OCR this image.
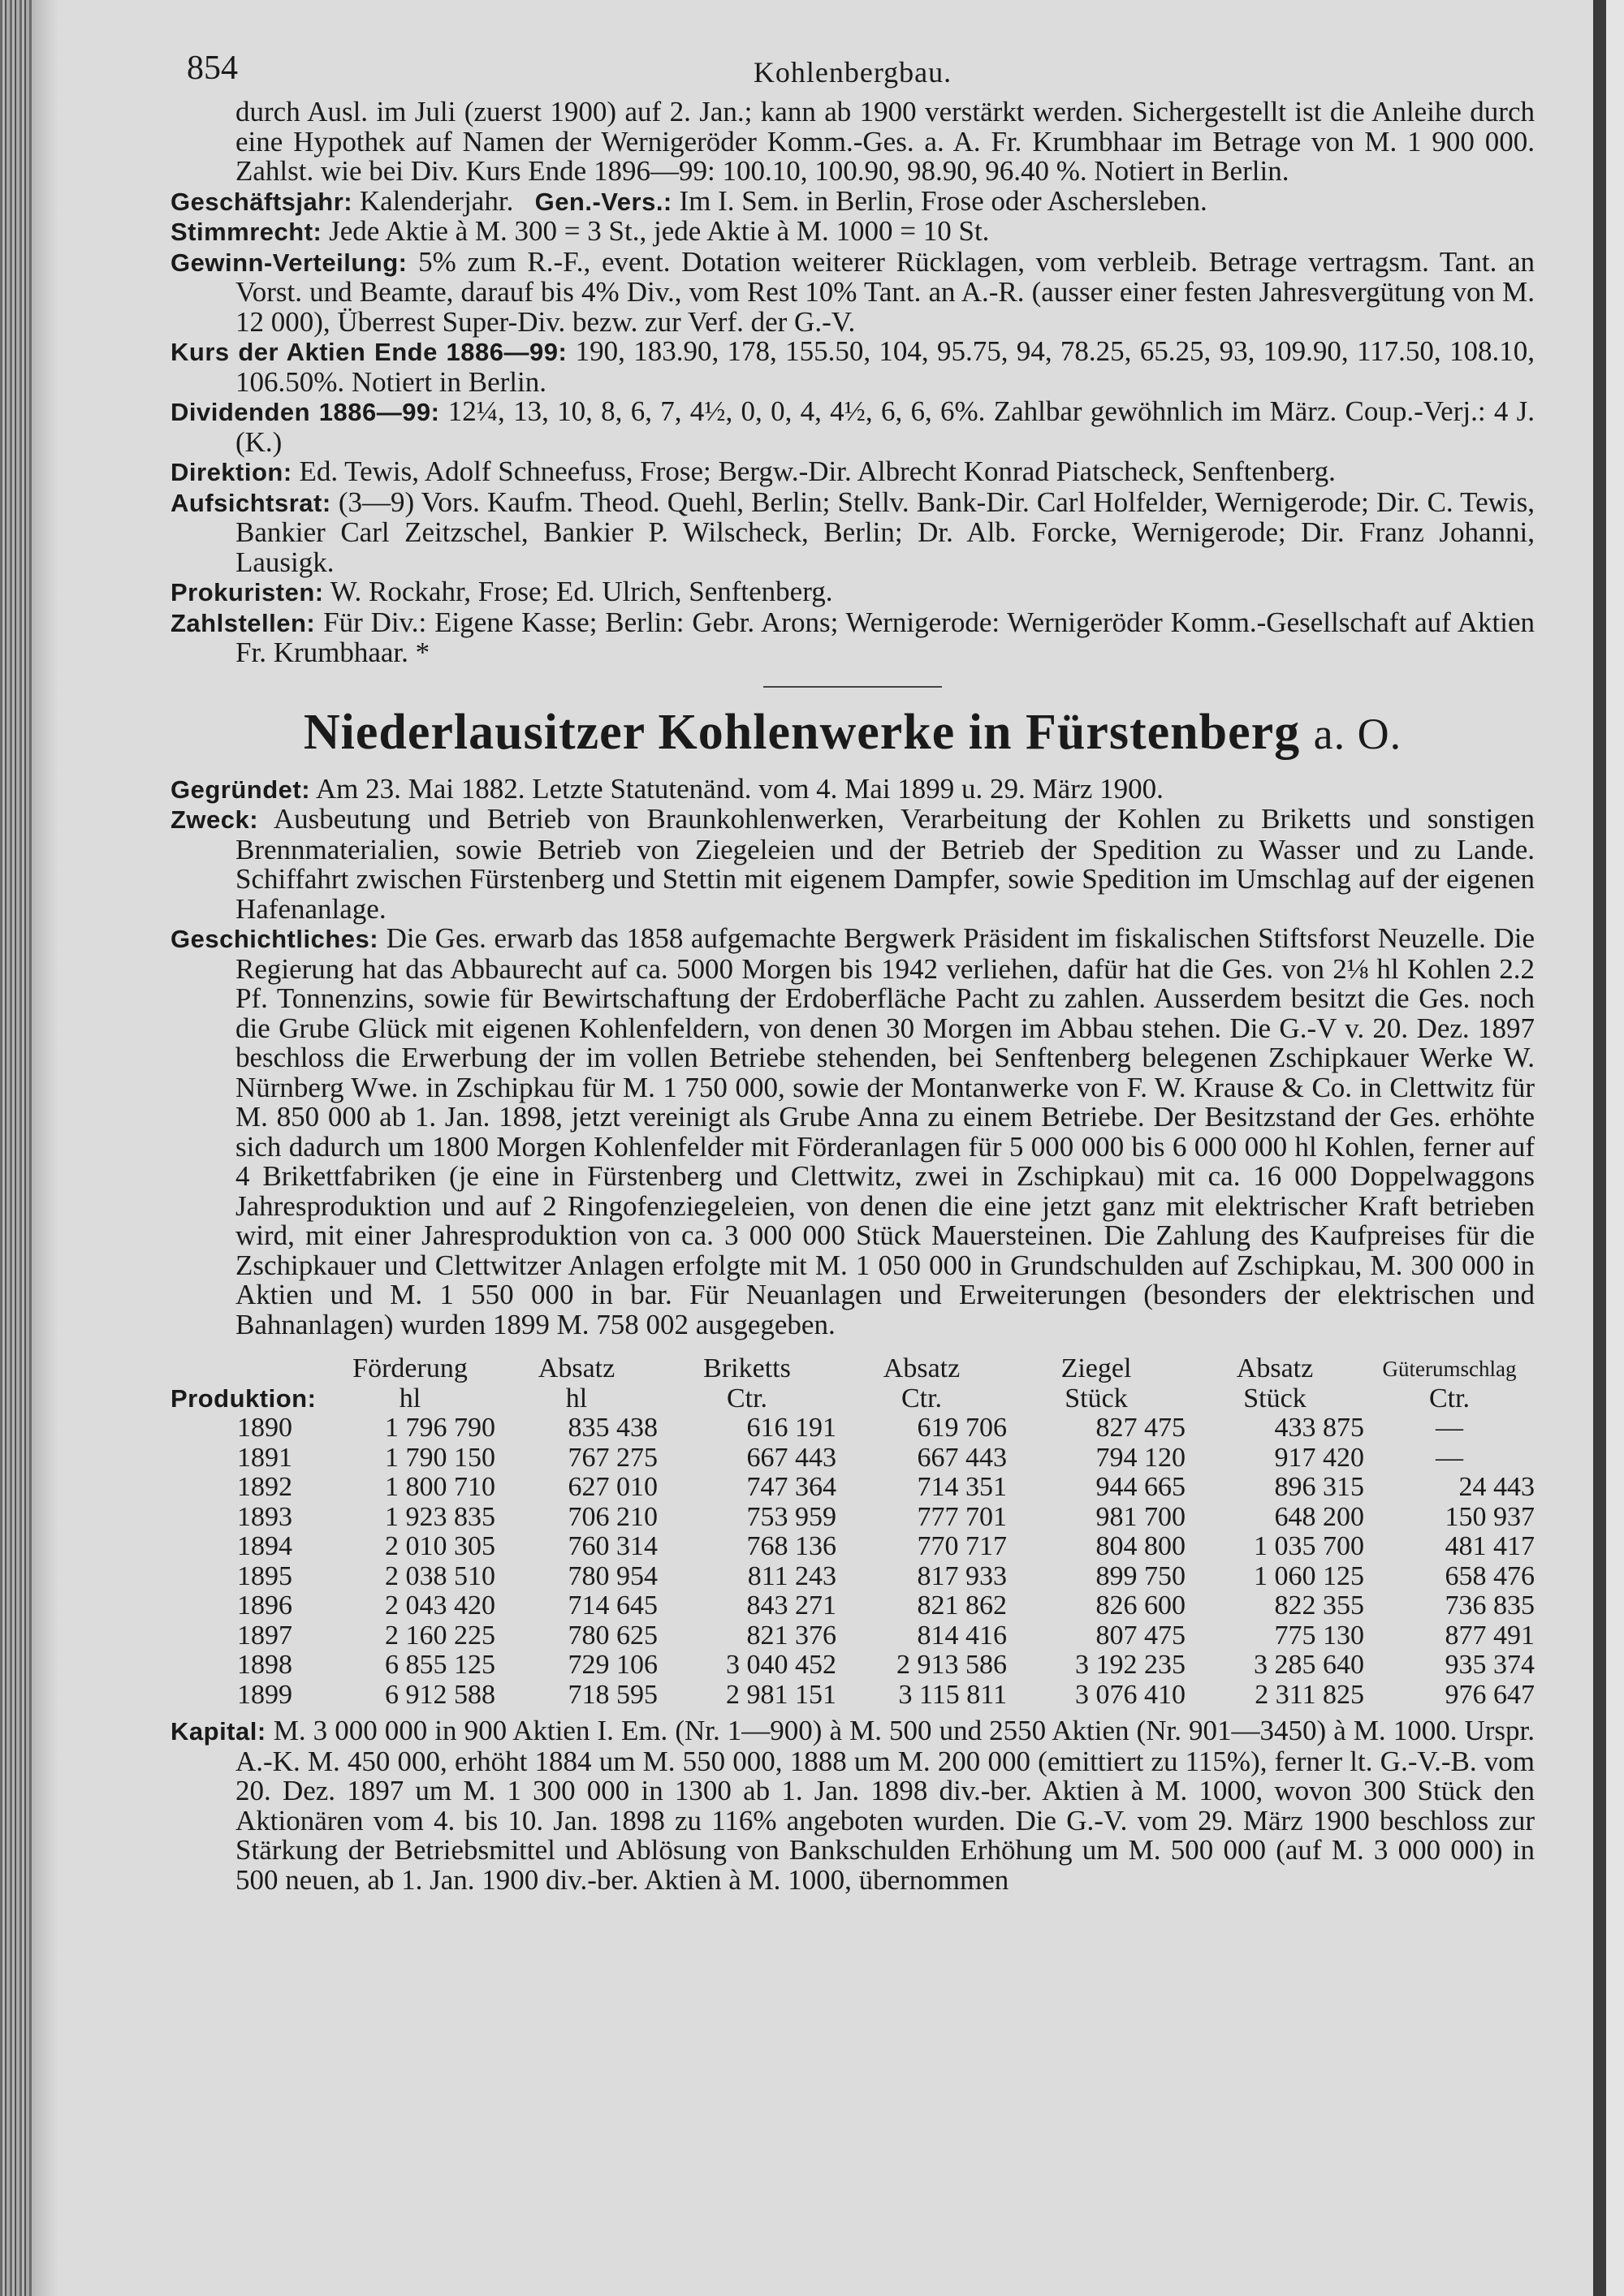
854	Kohlenbergbau.

durch Ausl. im Juli (zuerst 1900) auf 2. Jan.; kann ab 1900 verstärkt werden. Sichergestellt ist die Anleihe durch eine Hypothek auf Namen der Wernigeröder Komm.-Ges. a. A. Fr. Krumbhaar im Betrage von M. 1 900 000. Zahlst. wie bei Div. Kurs Ende 1896—99: 100.10, 100.90, 98.90, 96.40 %. Notiert in Berlin.

Geschäftsjahr: Kalenderjahr. Gen.-Vers.: Im I. Sem. in Berlin, Frose oder Aschersleben.

Stimmrecht: Jede Aktie à M. 300 = 3 St., jede Aktie à M. 1000 = 10 St.

Gewinn-Verteilung: 5% zum R.-F., event. Dotation weiterer Rücklagen, vom verbleib. Betrage vertragsm. Tant. an Vorst. und Beamte, darauf bis 4% Div., vom Rest 10% Tant. an A.-R. (ausser einer festen Jahresvergütung von M. 12 000), Überrest Super-Div. bezw. zur Verf. der G.-V.

Kurs der Aktien Ende 1886—99: 190, 183.90, 178, 155.50, 104, 95.75, 94, 78.25, 65.25, 93, 109.90, 117.50, 108.10, 106.50%. Notiert in Berlin.

Dividenden 1886—99: 12¼, 13, 10, 8, 6, 7, 4½, 0, 0, 4, 4½, 6, 6, 6%. Zahlbar gewöhnlich im März. Coup.-Verj.: 4 J. (K.)

Direktion: Ed. Tewis, Adolf Schneefuss, Frose; Bergw.-Dir. Albrecht Konrad Piatscheck, Senftenberg.

Aufsichtsrat: (3—9) Vors. Kaufm. Theod. Quehl, Berlin; Stellv. Bank-Dir. Carl Holfelder, Wernigerode; Dir. C. Tewis, Bankier Carl Zeitzschel, Bankier P. Wilscheck, Berlin; Dr. Alb. Forcke, Wernigerode; Dir. Franz Johanni, Lausigk.

Prokuristen: W. Rockahr, Frose; Ed. Ulrich, Senftenberg.

Zahlstellen: Für Div.: Eigene Kasse; Berlin: Gebr. Arons; Wernigerode: Wernigeröder Komm.-Gesellschaft auf Aktien Fr. Krumbhaar. *

Niederlausitzer Kohlenwerke in Fürstenberg a. O.

Gegründet: Am 23. Mai 1882. Letzte Statutenänd. vom 4. Mai 1899 u. 29. März 1900.

Zweck: Ausbeutung und Betrieb von Braunkohlenwerken, Verarbeitung der Kohlen zu Briketts und sonstigen Brennmaterialien, sowie Betrieb von Ziegeleien und der Betrieb der Spedition zu Wasser und zu Lande. Schiffahrt zwischen Fürstenberg und Stettin mit eigenem Dampfer, sowie Spedition im Umschlag auf der eigenen Hafenanlage.

Geschichtliches: Die Ges. erwarb das 1858 aufgemachte Bergwerk Präsident im fiskalischen Stiftsforst Neuzelle. Die Regierung hat das Abbaurecht auf ca. 5000 Morgen bis 1942 verliehen, dafür hat die Ges. von 2⅛ hl Kohlen 2.2 Pf. Tonnenzins, sowie für Bewirtschaftung der Erdoberfläche Pacht zu zahlen. Ausserdem besitzt die Ges. noch die Grube Glück mit eigenen Kohlenfeldern, von denen 30 Morgen im Abbau stehen. Die G.-V v. 20. Dez. 1897 beschloss die Erwerbung der im vollen Betriebe stehenden, bei Senftenberg belegenen Zschipkauer Werke W. Nürnberg Wwe. in Zschipkau für M. 1 750 000, sowie der Montanwerke von F. W. Krause & Co. in Clettwitz für M. 850 000 ab 1. Jan. 1898, jetzt vereinigt als Grube Anna zu einem Betriebe. Der Besitzstand der Ges. erhöhte sich dadurch um 1800 Morgen Kohlenfelder mit Förderanlagen für 5 000 000 bis 6 000 000 hl Kohlen, ferner auf 4 Brikettfabriken (je eine in Fürstenberg und Clettwitz, zwei in Zschipkau) mit ca. 16 000 Doppelwaggons Jahresproduktion und auf 2 Ringofenziegeleien, von denen die eine jetzt ganz mit elektrischer Kraft betrieben wird, mit einer Jahresproduktion von ca. 3 000 000 Stück Mauersteinen. Die Zahlung des Kaufpreises für die Zschipkauer und Clettwitzer Anlagen erfolgte mit M. 1 050 000 in Grundschulden auf Zschipkau, M. 300 000 in Aktien und M. 1 550 000 in bar. Für Neuanlagen und Erweiterungen (besonders der elektrischen und Bahnanlagen) wurden 1899 M. 758 002 ausgegeben.

	Förderung	Absatz	Briketts	Absatz	Ziegel	Absatz	Güterumschlag
Produktion:	hl	hl	Ctr.	Ctr.	Stück	Stück	Ctr.
1890	1 796 790	835 438	616 191	619 706	827 475	433 875	—
1891	1 790 150	767 275	667 443	667 443	794 120	917 420	—
1892	1 800 710	627 010	747 364	714 351	944 665	896 315	24 443
1893	1 923 835	706 210	753 959	777 701	981 700	648 200	150 937
1894	2 010 305	760 314	768 136	770 717	804 800	1 035 700	481 417
1895	2 038 510	780 954	811 243	817 933	899 750	1 060 125	658 476
1896	2 043 420	714 645	843 271	821 862	826 600	822 355	736 835
1897	2 160 225	780 625	821 376	814 416	807 475	775 130	877 491
1898	6 855 125	729 106	3 040 452	2 913 586	3 192 235	3 285 640	935 374
1899	6 912 588	718 595	2 981 151	3 115 811	3 076 410	2 311 825	976 647

Kapital: M. 3 000 000 in 900 Aktien I. Em. (Nr. 1—900) à M. 500 und 2550 Aktien (Nr. 901—3450) à M. 1000. Urspr. A.-K. M. 450 000, erhöht 1884 um M. 550 000, 1888 um M. 200 000 (emittiert zu 115%), ferner lt. G.-V.-B. vom 20. Dez. 1897 um M. 1 300 000 in 1300 ab 1. Jan. 1898 div.-ber. Aktien à M. 1000, wovon 300 Stück den Aktionären vom 4. bis 10. Jan. 1898 zu 116% angeboten wurden. Die G.-V. vom 29. März 1900 beschloss zur Stärkung der Betriebsmittel und Ablösung von Bankschulden Erhöhung um M. 500 000 (auf M. 3 000 000) in 500 neuen, ab 1. Jan. 1900 div.-ber. Aktien à M. 1000, übernommen
